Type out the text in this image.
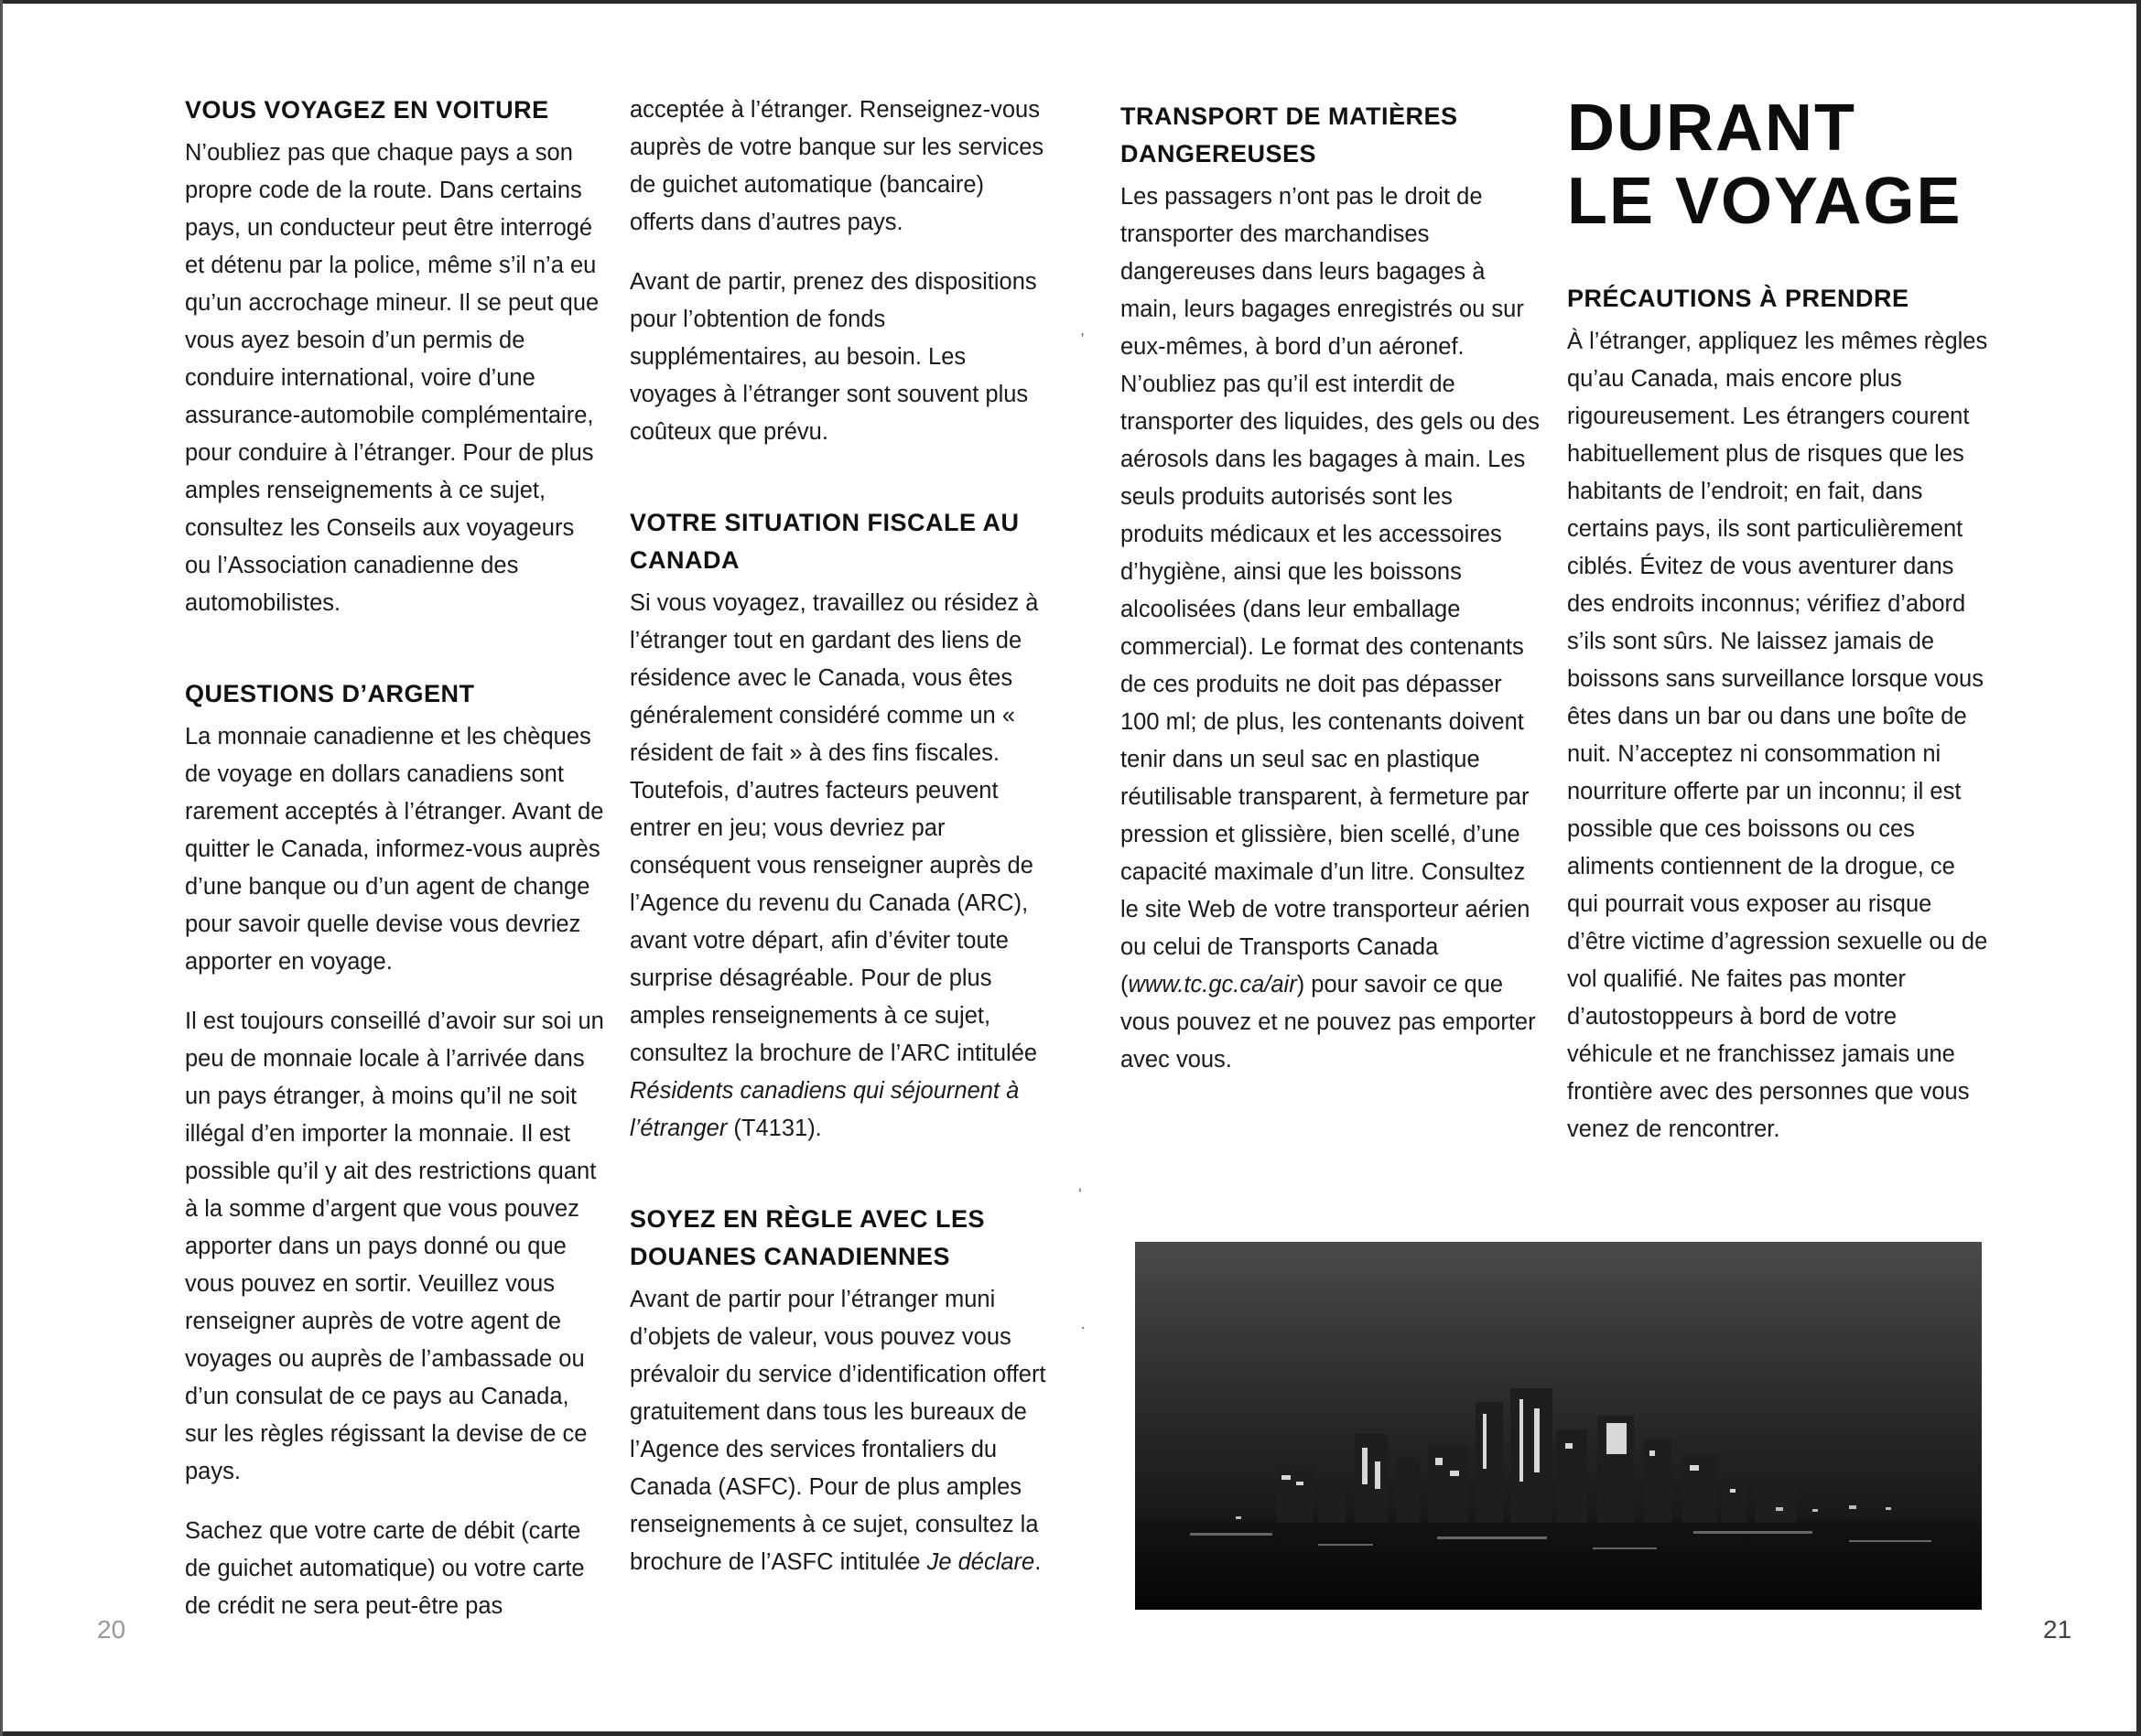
VOUS VOYAGEZ EN VOITURE

N’oubliez pas que chaque pays a son propre code de la route. Dans certains pays, un conducteur peut être interrogé et détenu par la police, même s’il n’a eu qu’un accrochage mineur. Il se peut que vous ayez besoin d’un permis de conduire international, voire d’une assurance-automobile complémentaire, pour conduire à l’étranger. Pour de plus amples renseignements à ce sujet, consultez les Conseils aux voyageurs ou l’Association canadienne des automobilistes.

QUESTIONS D’ARGENT

La monnaie canadienne et les chèques de voyage en dollars canadiens sont rarement acceptés à l’étranger. Avant de quitter le Canada, informez-vous auprès d’une banque ou d’un agent de change pour savoir quelle devise vous devriez apporter en voyage.

Il est toujours conseillé d’avoir sur soi un peu de monnaie locale à l’arrivée dans un pays étranger, à moins qu’il ne soit illégal d’en importer la monnaie. Il est possible qu’il y ait des restrictions quant à la somme d’argent que vous pouvez apporter dans un pays donné ou que vous pouvez en sortir. Veuillez vous renseigner auprès de votre agent de voyages ou auprès de l’ambassade ou d’un consulat de ce pays au Canada, sur les règles régissant la devise de ce pays.

Sachez que votre carte de débit (carte de guichet automatique) ou votre carte de crédit ne sera peut-être pas

acceptée à l’étranger. Renseignez-vous auprès de votre banque sur les services de guichet automatique (bancaire) offerts dans d’autres pays.

Avant de partir, prenez des dispositions pour l’obtention de fonds supplémentaires, au besoin. Les voyages à l’étranger sont souvent plus coûteux que prévu.

VOTRE SITUATION FISCALE AU CANADA

Si vous voyagez, travaillez ou résidez à l’étranger tout en gardant des liens de résidence avec le Canada, vous êtes généralement considéré comme un « résident de fait » à des fins fiscales. Toutefois, d’autres facteurs peuvent entrer en jeu; vous devriez par conséquent vous renseigner auprès de l’Agence du revenu du Canada (ARC), avant votre départ, afin d’éviter toute surprise désagréable. Pour de plus amples renseignements à ce sujet, consultez la brochure de l’ARC intitulée Résidents canadiens qui séjournent à l’étranger (T4131).

SOYEZ EN RÈGLE AVEC LES DOUANES CANADIENNES

Avant de partir pour l’étranger muni d’objets de valeur, vous pouvez vous prévaloir du service d’identification offert gratuitement dans tous les bureaux de l’Agence des services frontaliers du Canada (ASFC). Pour de plus amples renseignements à ce sujet, consultez la brochure de l’ASFC intitulée Je déclare.

TRANSPORT DE MATIÈRES DANGEREUSES

Les passagers n’ont pas le droit de transporter des marchandises dangereuses dans leurs bagages à main, leurs bagages enregistrés ou sur eux-mêmes, à bord d’un aéronef. N’oubliez pas qu’il est interdit de transporter des liquides, des gels ou des aérosols dans les bagages à main. Les seuls produits autorisés sont les produits médicaux et les accessoires d’hygiène, ainsi que les boissons alcoolisées (dans leur emballage commercial). Le format des contenants de ces produits ne doit pas dépasser 100 ml; de plus, les contenants doivent tenir dans un seul sac en plastique réutilisable transparent, à fermeture par pression et glissière, bien scellé, d’une capacité maximale d’un litre. Consultez le site Web de votre transporteur aérien ou celui de Transports Canada (www.tc.gc.ca/air) pour savoir ce que vous pouvez et ne pouvez pas emporter avec vous.

DURANT
LE VOYAGE
PRÉCAUTIONS À PRENDRE

À l’étranger, appliquez les mêmes règles qu’au Canada, mais encore plus rigoureusement. Les étrangers courent habituellement plus de risques que les habitants de l’endroit; en fait, dans certains pays, ils sont particulièrement ciblés. Évitez de vous aventurer dans des endroits inconnus; vérifiez d’abord s’ils sont sûrs. Ne laissez jamais de boissons sans surveillance lorsque vous êtes dans un bar ou dans une boîte de nuit. N’acceptez ni consommation ni nourriture offerte par un inconnu; il est possible que ces boissons ou ces aliments contiennent de la drogue, ce qui pourrait vous exposer au risque d’être victime d’agression sexuelle ou de vol qualifié. Ne faites pas monter d’autostoppeurs à bord de votre véhicule et ne franchissez jamais une frontière avec des personnes que vous venez de rencontrer.

,
‘
·
20	21
